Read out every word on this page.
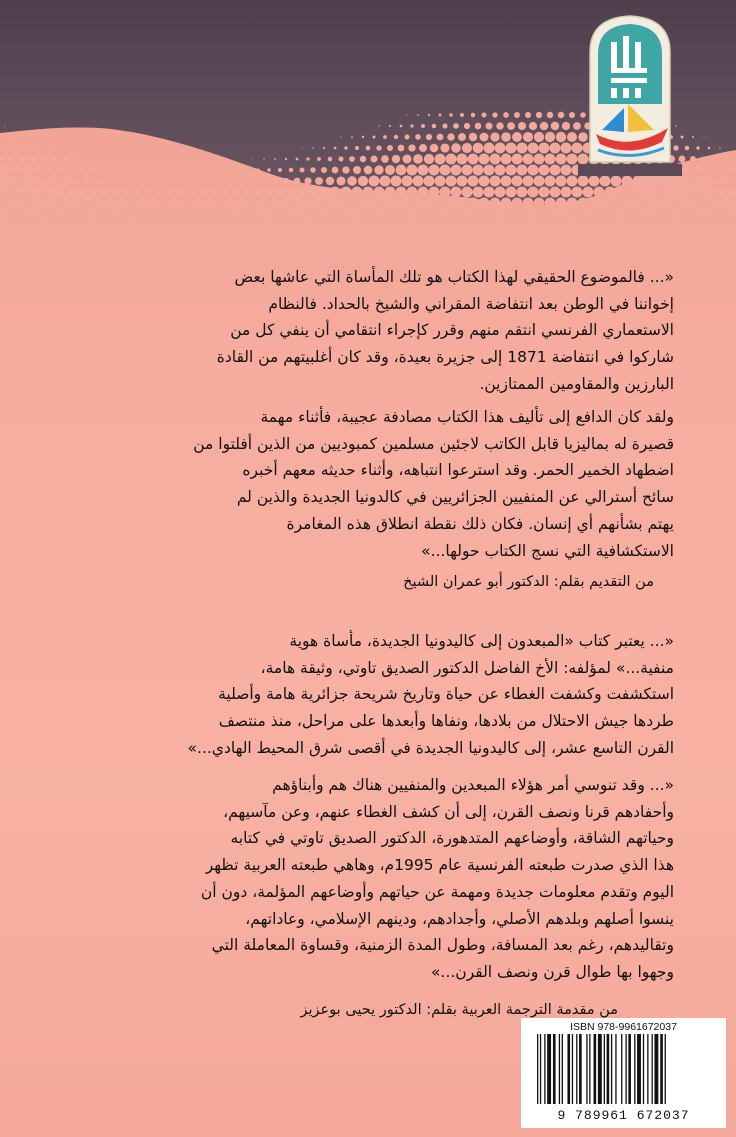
«... فالموضوع الحقيقي لهذا الكتاب هو تلك المأساة التي عاشها بعض
إخواننا في الوطن بعد انتفاضة المقراني والشيخ بالحداد. فالنظام
الاستعماري الفرنسي انتقم منهم وقرر كإجراء انتقامي أن ينفي كل من
شاركوا في انتفاضة 1871 إلى جزيرة بعيدة، وقد كان أغلبيتهم من القادة
البارزين والمقاومين الممتازين.

ولقد كان الدافع إلى تأليف هذا الكتاب مصادفة عجيبة، فأثناء مهمة
قصيرة له بماليزيا قابل الكاتب لاجئين مسلمين كمبوديين من الذين أفلتوا من
اضطهاد الخمير الحمر. وقد استرعوا انتباهه، وأثناء حديثه معهم أخبره
سائح أسترالي عن المنفيين الجزائريين في كالدونيا الجديدة والذين لم
يهتم بشأنهم أي إنسان. فكان ذلك نقطة انطلاق هذه المغامرة
الاستكشافية التي نسج الكتاب حولها...»

من التقديم بقلم: الدكتور أبو عمران الشيخ

«... يعتبر كتاب «المبعدون إلى كاليدونيا الجديدة، مأساة هوية
منفية...» لمؤلفه: الأخ الفاضل الدكتور الصديق تاوتي، وثيقة هامة،
استكشفت وكشفت الغطاء عن حياة وتاريخ شريحة جزائرية هامة وأصلية
طردها جيش الاحتلال من بلادها، ونفاها وأبعدها على مراحل، منذ منتصف
القرن التاسع عشر، إلى كاليدونيا الجديدة في أقصى شرق المحيط الهادي...»

«... وقد تنوسي أمر هؤلاء المبعدين والمنفيين هناك هم وأبناؤهم
وأحفادهم قرنا ونصف القرن، إلى أن كشف الغطاء عنهم، وعن مآسيهم،
وحياتهم الشاقة، وأوضاعهم المتدهورة، الدكتور الصديق تاوتي في كتابه
هذا الذي صدرت طبعته الفرنسية عام 1995م، وهاهي طبعته العربية تظهر
اليوم وتقدم معلومات جديدة ومهمة عن حياتهم وأوضاعهم المؤلمة، دون أن
ينسوا أصلهم وبلدهم الأصلي، وأجدادهم، ودينهم الإسلامي، وعاداتهم،
وتقاليدهم، رغم بعد المسافة، وطول المدة الزمنية، وقساوة المعاملة التي
وجهوا بها طوال قرن ونصف القرن...»

من مقدمة الترجمة العربية بقلم: الدكتور يحيى بوعزيز
ISBN 978-9961672037
9 789961 672037
